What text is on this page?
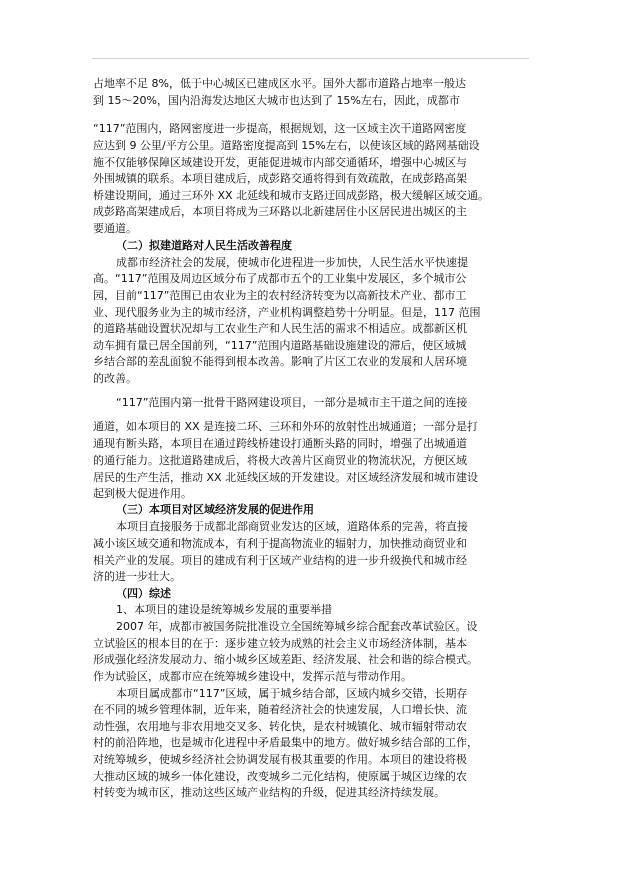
占地率不足 8%，低于中心城区已建成区水平。国外大都市道路占地率一般达
到 15～20%，国内沿海发达地区大城市也达到了 15%左右，因此，成都市
“117”范围内，路网密度进一步提高，根据规划，这一区域主次干道路网密度
应达到 9 公里/平方公里。道路密度提高到 15%左右，以使该区域的路网基础设
施不仅能够保障区域建设开发，更能促进城市内部交通循环，增强中心城区与
外围城镇的联系。本项目建成后，成彭路交通将得到有效疏散，在成彭路高架
桥建设期间，通过三环外 XX 北延线和城市支路迂回成彭路，极大缓解区域交通。
成彭路高架建成后，本项目将成为三环路以北新建居住小区居民进出城区的主
要通道。
（二）拟建道路对人民生活改善程度
成都市经济社会的发展，使城市化进程进一步加快，人民生活水平快速提
高。“117”范围及周边区域分布了成都市五个的工业集中发展区，多个城市公
园，目前“117”范围已由农业为主的农村经济转变为以高新技术产业、都市工
业、现代服务业为主的城市经济，产业机构调整趋势十分明显。但是，117 范围
的道路基础设置状况却与工农业生产和人民生活的需求不相适应。成都新区机
动车拥有量已居全国前列，“117”范围内道路基础设施建设的滞后，使区域城
乡结合部的差乱面貌不能得到根本改善。影响了片区工农业的发展和人居环境
的改善。
“117”范围内第一批骨干路网建设项目，一部分是城市主干道之间的连接
通道，如本项目的 XX 是连接二环、三环和外环的放射性出城通道；一部分是打
通现有断头路，本项目在通过跨线桥建设打通断头路的同时，增强了出城通道
的通行能力。这批道路建成后，将极大改善片区商贸业的物流状况，方便区域
居民的生产生活，推动 XX 北延线区域的开发建设。对区域经济发展和城市建设
起到极大促进作用。
（三）本项目对区域经济发展的促进作用
本项目直接服务于成都北部商贸业发达的区域，道路体系的完善，将直接
减小该区域交通和物流成本，有利于提高物流业的辐射力，加快推动商贸业和
相关产业的发展。项目的建成有利于区域产业结构的进一步升级换代和城市经
济的进一步壮大。
（四）综述
1、本项目的建设是统筹城乡发展的重要举措
2007 年，成都市被国务院批准设立全国统筹城乡综合配套改革试验区。设
立试验区的根本目的在于：逐步建立较为成熟的社会主义市场经济体制，基本
形成强化经济发展动力、缩小城乡区域差距、经济发展、社会和谐的综合模式。
作为试验区，成都市应在统筹城乡建设中，发挥示范与带动作用。
本项目属成都市“117”区域，属于城乡结合部，区域内城乡交错，长期存
在不同的城乡管理体制，近年来，随着经济社会的快速发展，人口增长快、流
动性强，农用地与非农用地交叉多、转化快，是农村城镇化、城市辐射带动农
村的前沿阵地，也是城市化进程中矛盾最集中的地方。做好城乡结合部的工作，
对统筹城乡，使城乡经济社会协调发展有极其重要的作用。本项目的建设将极
大推动区域的城乡一体化建设，改变城乡二元化结构，使原属于城区边缘的农
村转变为城市区，推动这些区域产业结构的升级，促进其经济持续发展。
